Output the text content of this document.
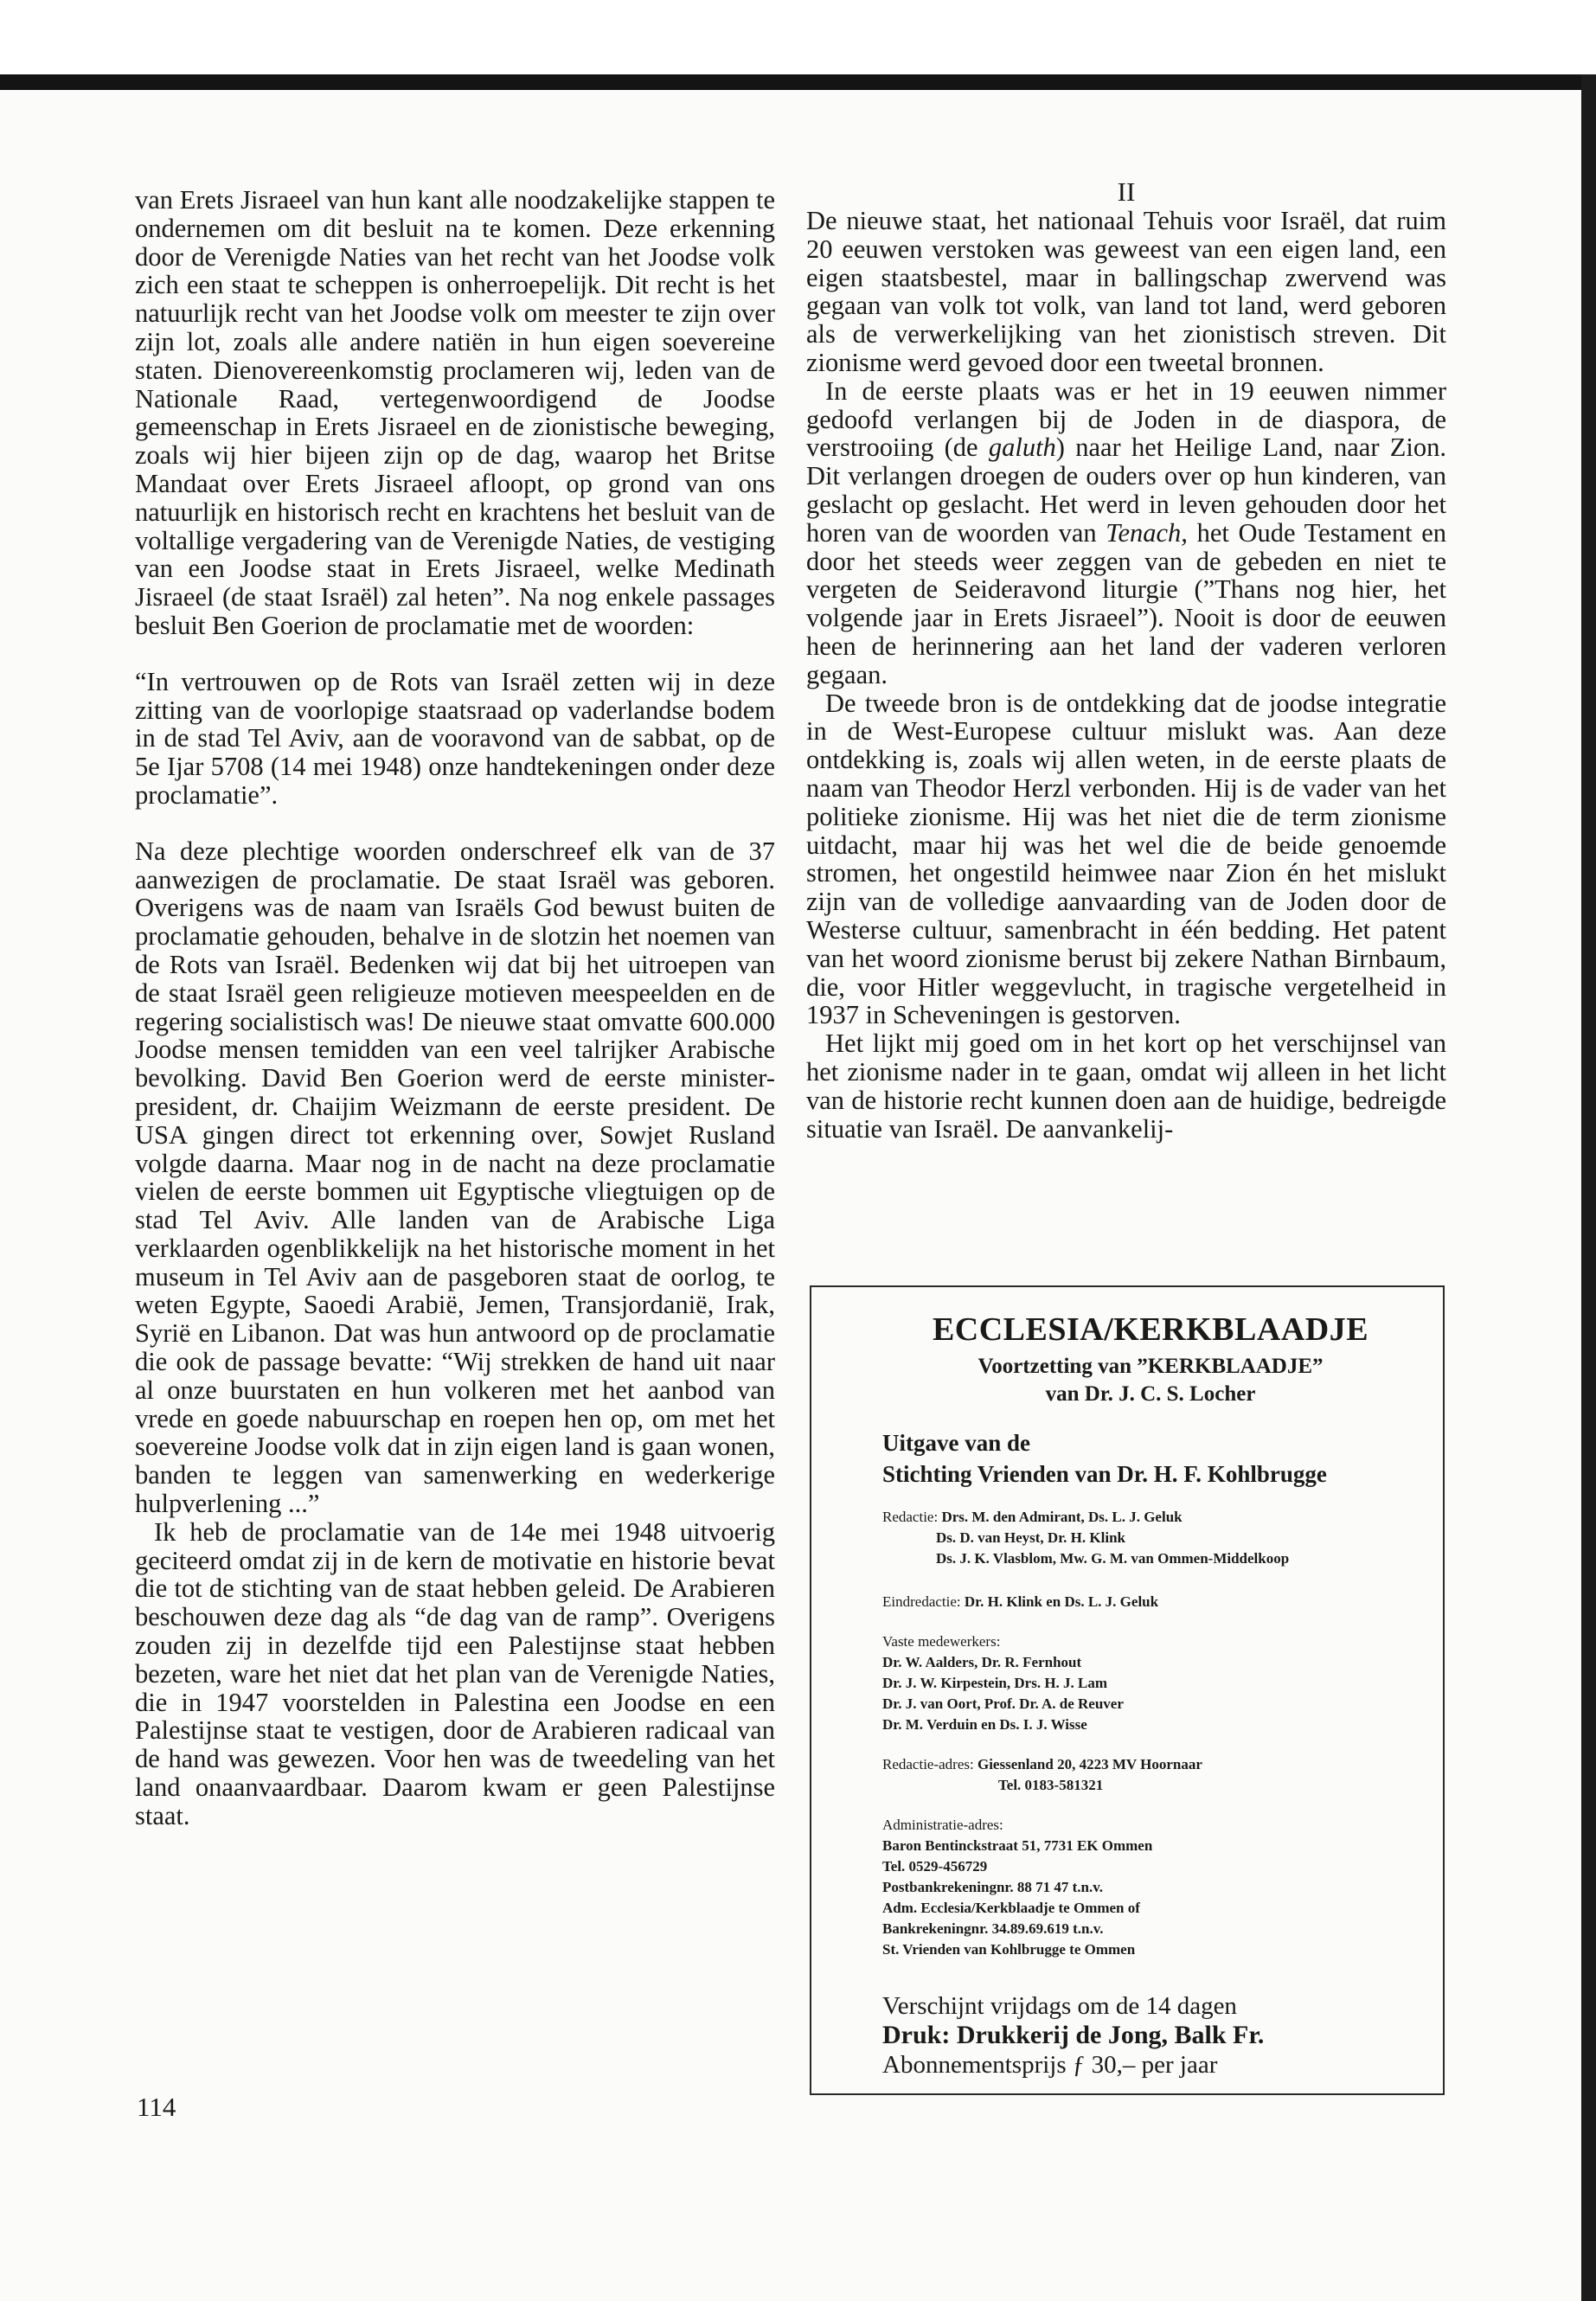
van Erets Jisraeel van hun kant alle noodzakelijke stappen te ondernemen om dit besluit na te komen. Deze erkenning door de Verenigde Naties van het recht van het Joodse volk zich een staat te scheppen is onherroepelijk. Dit recht is het natuurlijk recht van het Joodse volk om meester te zijn over zijn lot, zoals alle andere natiën in hun eigen soevereine staten. Dienovereenkomstig proclameren wij, leden van de Nationale Raad, vertegenwoordigend de Joodse gemeenschap in Erets Jisraeel en de zionistische beweging, zoals wij hier bijeen zijn op de dag, waarop het Britse Mandaat over Erets Jisraeel afloopt, op grond van ons natuurlijk en historisch recht en krachtens het besluit van de voltallige vergadering van de Verenigde Naties, de vestiging van een Joodse staat in Erets Jisraeel, welke Medinath Jisraeel (de staat Israël) zal heten”. Na nog enkele passages besluit Ben Goerion de proclamatie met de woorden:

“In vertrouwen op de Rots van Israël zetten wij in deze zitting van de voorlopige staatsraad op vaderlandse bodem in de stad Tel Aviv, aan de vooravond van de sabbat, op de 5e Ijar 5708 (14 mei 1948) onze handtekeningen onder deze proclamatie”.

Na deze plechtige woorden onderschreef elk van de 37 aanwezigen de proclamatie. De staat Israël was geboren. Overigens was de naam van Israëls God bewust buiten de proclamatie gehouden, behalve in de slotzin het noemen van de Rots van Israël. Bedenken wij dat bij het uitroepen van de staat Israël geen religieuze motieven meespeelden en de regering socialistisch was! De nieuwe staat omvatte 600.000 Joodse mensen temidden van een veel talrijker Arabische bevolking. David Ben Goerion werd de eerste minister-president, dr. Chaijim Weizmann de eerste president. De USA gingen direct tot erkenning over, Sowjet Rusland volgde daarna. Maar nog in de nacht na deze proclamatie vielen de eerste bommen uit Egyptische vliegtuigen op de stad Tel Aviv. Alle landen van de Arabische Liga verklaarden ogenblikkelijk na het historische moment in het museum in Tel Aviv aan de pasgeboren staat de oorlog, te weten Egypte, Saoedi Arabië, Jemen, Transjordanië, Irak, Syrië en Libanon. Dat was hun antwoord op de proclamatie die ook de passage bevatte: “Wij strekken de hand uit naar al onze buurstaten en hun volkeren met het aanbod van vrede en goede nabuurschap en roepen hen op, om met het soevereine Joodse volk dat in zijn eigen land is gaan wonen, banden te leggen van samenwerking en wederkerige hulpverlening ...”

Ik heb de proclamatie van de 14e mei 1948 uitvoerig geciteerd omdat zij in de kern de motivatie en historie bevat die tot de stichting van de staat hebben geleid. De Arabieren beschouwen deze dag als “de dag van de ramp”. Overigens zouden zij in dezelfde tijd een Palestijnse staat hebben bezeten, ware het niet dat het plan van de Verenigde Naties, die in 1947 voorstelden in Palestina een Joodse en een Palestijnse staat te vestigen, door de Arabieren radicaal van de hand was gewezen. Voor hen was de tweedeling van het land onaanvaardbaar. Daarom kwam er geen Palestijnse staat.

II

De nieuwe staat, het nationaal Tehuis voor Israël, dat ruim 20 eeuwen verstoken was geweest van een eigen land, een eigen staatsbestel, maar in ballingschap zwervend was gegaan van volk tot volk, van land tot land, werd geboren als de verwerkelijking van het zionistisch streven. Dit zionisme werd gevoed door een tweetal bronnen.

In de eerste plaats was er het in 19 eeuwen nimmer gedoofd verlangen bij de Joden in de diaspora, de verstrooiing (de galuth) naar het Heilige Land, naar Zion. Dit verlangen droegen de ouders over op hun kinderen, van geslacht op geslacht. Het werd in leven gehouden door het horen van de woorden van Tenach, het Oude Testament en door het steeds weer zeggen van de gebeden en niet te vergeten de Seideravond liturgie (”Thans nog hier, het volgende jaar in Erets Jisraeel”). Nooit is door de eeuwen heen de herinnering aan het land der vaderen verloren gegaan.

De tweede bron is de ontdekking dat de joodse integratie in de West-Europese cultuur mislukt was. Aan deze ontdekking is, zoals wij allen weten, in de eerste plaats de naam van Theodor Herzl verbonden. Hij is de vader van het politieke zionisme. Hij was het niet die de term zionisme uitdacht, maar hij was het wel die de beide genoemde stromen, het ongestild heimwee naar Zion én het mislukt zijn van de volledige aanvaarding van de Joden door de Westerse cultuur, samenbracht in één bedding. Het patent van het woord zionisme berust bij zekere Nathan Birnbaum, die, voor Hitler weggevlucht, in tragische vergetelheid in 1937 in Scheveningen is gestorven.

Het lijkt mij goed om in het kort op het verschijnsel van het zionisme nader in te gaan, omdat wij alleen in het licht van de historie recht kunnen doen aan de huidige, bedreigde situatie van Israël. De aanvankelij-

ECCLESIA/KERKBLAADJE

Voortzetting van ”KERKBLAADJE”
van Dr. J. C. S. Locher

Uitgave van de
Stichting Vrienden van Dr. H. F. Kohlbrugge

Redactie: Drs. M. den Admirant, Ds. L. J. Geluk

Ds. D. van Heyst, Dr. H. Klink

Ds. J. K. Vlasblom, Mw. G. M. van Ommen-Middelkoop

Eindredactie: Dr. H. Klink en Ds. L. J. Geluk

Vaste medewerkers:

Dr. W. Aalders, Dr. R. Fernhout

Dr. J. W. Kirpestein, Drs. H. J. Lam

Dr. J. van Oort, Prof. Dr. A. de Reuver

Dr. M. Verduin en Ds. I. J. Wisse

Redactie-adres: Giessenland 20, 4223 MV Hoornaar

Tel. 0183-581321

Administratie-adres:

Baron Bentinckstraat 51, 7731 EK Ommen

Tel. 0529-456729

Postbankrekeningnr. 88 71 47 t.n.v.

Adm. Ecclesia/Kerkblaadje te Ommen of

Bankrekeningnr. 34.89.69.619 t.n.v.

St. Vrienden van Kohlbrugge te Ommen

Verschijnt vrijdags om de 14 dagen

Druk: Drukkerij de Jong, Balk Fr.

Abonnementsprijs ƒ 30,– per jaar

114
